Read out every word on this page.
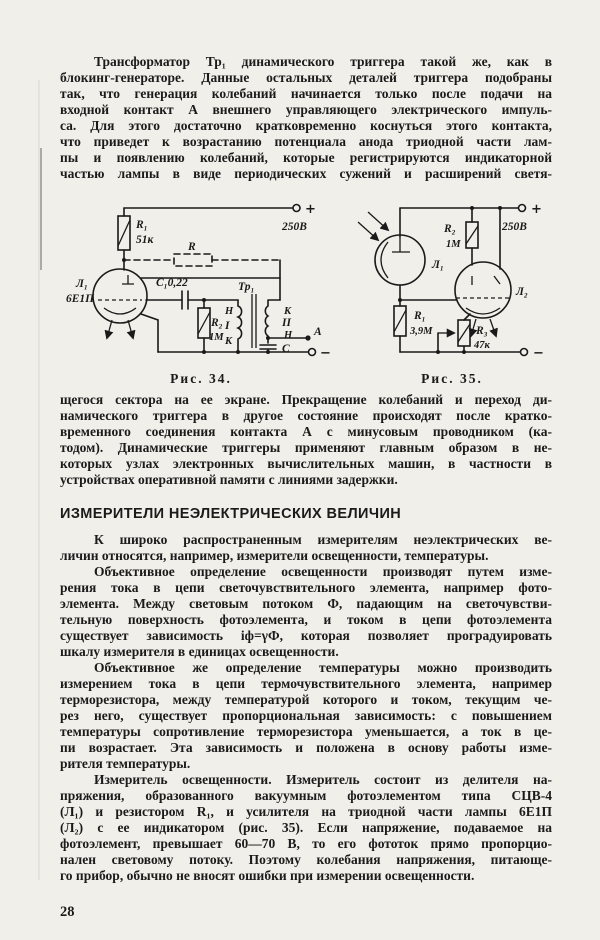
Трансформатор Тр₁ динамического триггера такой же, как в
блокинг-генераторе. Данные остальных деталей триггера подобраны
так, что генерация колебаний начинается только после подачи на
входной контакт А внешнего управляющего электрического импуль-
са. Для этого достаточно кратковременно коснуться этого контакта,
что приведет к возрастанию потенциала анода триодной части лам-
пы и появлению колебаний, которые регистрируются индикаторной
частью лампы в виде периодических сужений и расширений светя-

+
250В
R₁
51к
R
Л₁
6Е1П
С₁0,22
R₂
1М
Тр₁
Н
I
К
К
II
Н А
С −
Рис. 34.
+
250В
Л₁
R₁
3,9М
R₂
1М
Л₂
R₃
47к
−
Рис. 35.

щегося сектора на ее экране. Прекращение колебаний и переход ди-
намического триггера в другое состояние происходят после кратко-
временного соединения контакта А с минусовым проводником (ка-
тодом). Динамические триггеры применяют главным образом в не-
которых узлах электронных вычислительных машин, в частности в
устройствах оперативной памяти с линиями задержки.

ИЗМЕРИТЕЛИ НЕЭЛЕКТРИЧЕСКИХ ВЕЛИЧИН

К широко распространенным измерителям неэлектрических ве-
личин относятся, например, измерители освещенности, температуры.

Объективное определение освещенности производят путем изме-
рения тока в цепи светочувствительного элемента, например фото-
элемента. Между световым потоком Ф, падающим на светочувстви-
тельную поверхность фотоэлемента, и током в цепи фотоэлемента
существует зависимость iф=γФ, которая позволяет проградуировать
шкалу измерителя в единицах освещенности.

Объективное же определение температуры можно производить
измерением тока в цепи термочувствительного элемента, например
терморезистора, между температурой которого и током, текущим че-
рез него, существует пропорциональная зависимость: с повышением
температуры сопротивление терморезистора уменьшается, а ток в це-
пи возрастает. Эта зависимость и положена в основу работы изме-
рителя температуры.

Измеритель освещенности. Измеритель состоит из делителя на-
пряжения, образованного вакуумным фотоэлементом типа СЦВ-4
(Л₁) и резистором R₁, и усилителя на триодной части лампы 6Е1П
(Л₂) с ее индикатором (рис. 35). Если напряжение, подаваемое на
фотоэлемент, превышает 60—70 В, то его фототок прямо пропорцио-
нален световому потоку. Поэтому колебания напряжения, питающе-
го прибор, обычно не вносят ошибки при измерении освещенности.

28
